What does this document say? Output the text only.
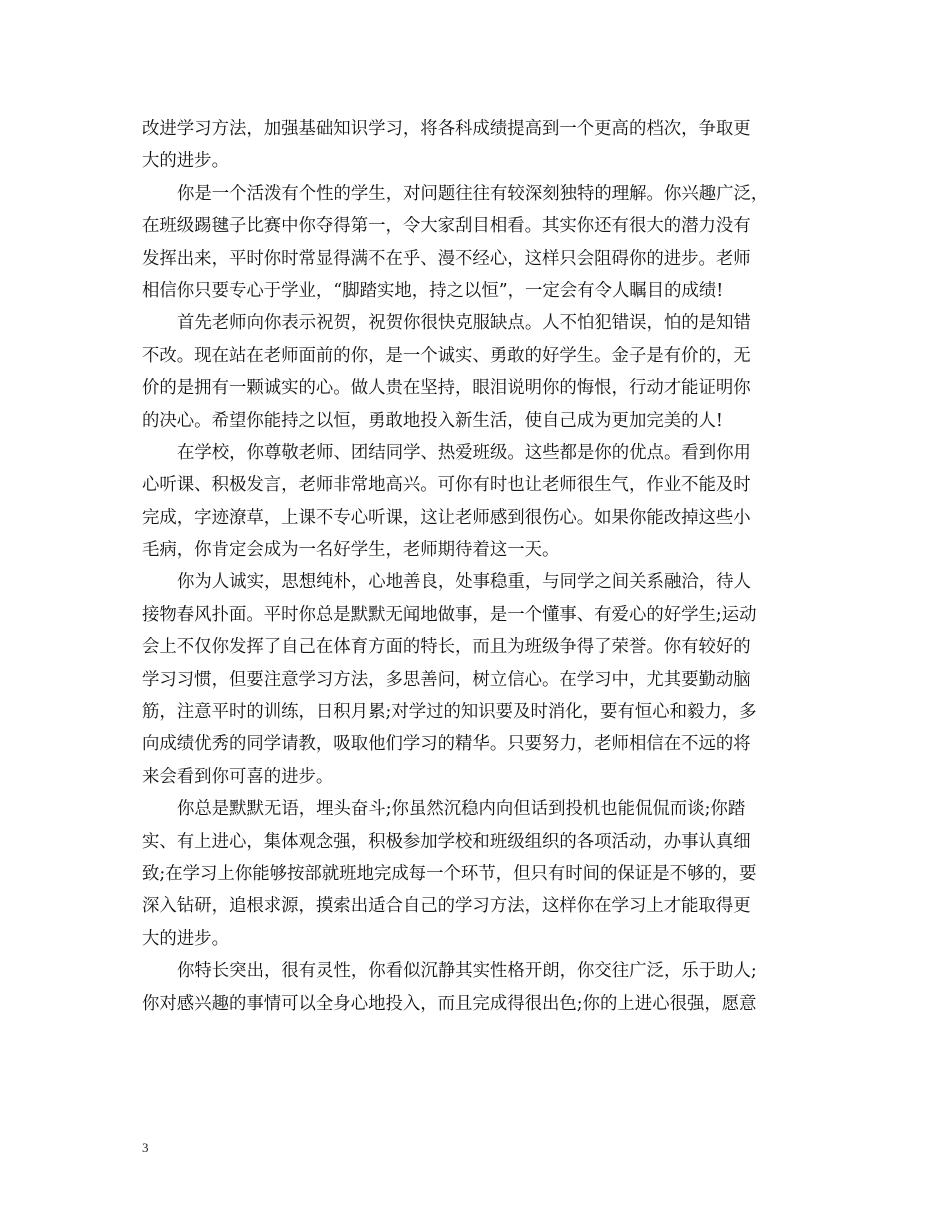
改进学习方法，加强基础知识学习，将各科成绩提高到一个更高的档次，争取更
大的进步。

你是一个活泼有个性的学生，对问题往往有较深刻独特的理解。你兴趣广泛，
在班级踢毽子比赛中你夺得第一，令大家刮目相看。其实你还有很大的潜力没有
发挥出来，平时你时常显得满不在乎、漫不经心，这样只会阻碍你的进步。老师
相信你只要专心于学业，“脚踏实地，持之以恒”，一定会有令人瞩目的成绩!

首先老师向你表示祝贺，祝贺你很快克服缺点。人不怕犯错误，怕的是知错
不改。现在站在老师面前的你，是一个诚实、勇敢的好学生。金子是有价的，无
价的是拥有一颗诚实的心。做人贵在坚持，眼泪说明你的悔恨，行动才能证明你
的决心。希望你能持之以恒，勇敢地投入新生活，使自己成为更加完美的人!

在学校，你尊敬老师、团结同学、热爱班级。这些都是你的优点。看到你用
心听课、积极发言，老师非常地高兴。可你有时也让老师很生气，作业不能及时
完成，字迹潦草，上课不专心听课，这让老师感到很伤心。如果你能改掉这些小
毛病，你肯定会成为一名好学生，老师期待着这一天。

你为人诚实，思想纯朴，心地善良，处事稳重，与同学之间关系融洽，待人
接物春风扑面。平时你总是默默无闻地做事，是一个懂事、有爱心的好学生;运动
会上不仅你发挥了自己在体育方面的特长，而且为班级争得了荣誉。你有较好的
学习习惯，但要注意学习方法，多思善问，树立信心。在学习中，尤其要勤动脑
筋，注意平时的训练，日积月累;对学过的知识要及时消化，要有恒心和毅力，多
向成绩优秀的同学请教，吸取他们学习的精华。只要努力，老师相信在不远的将
来会看到你可喜的进步。

你总是默默无语，埋头奋斗;你虽然沉稳内向但话到投机也能侃侃而谈;你踏
实、有上进心，集体观念强，积极参加学校和班级组织的各项活动，办事认真细
致;在学习上你能够按部就班地完成每一个环节，但只有时间的保证是不够的，要
深入钻研，追根求源，摸索出适合自己的学习方法，这样你在学习上才能取得更
大的进步。

你特长突出，很有灵性，你看似沉静其实性格开朗，你交往广泛，乐于助人;
你对感兴趣的事情可以全身心地投入，而且完成得很出色;你的上进心很强，愿意

3
